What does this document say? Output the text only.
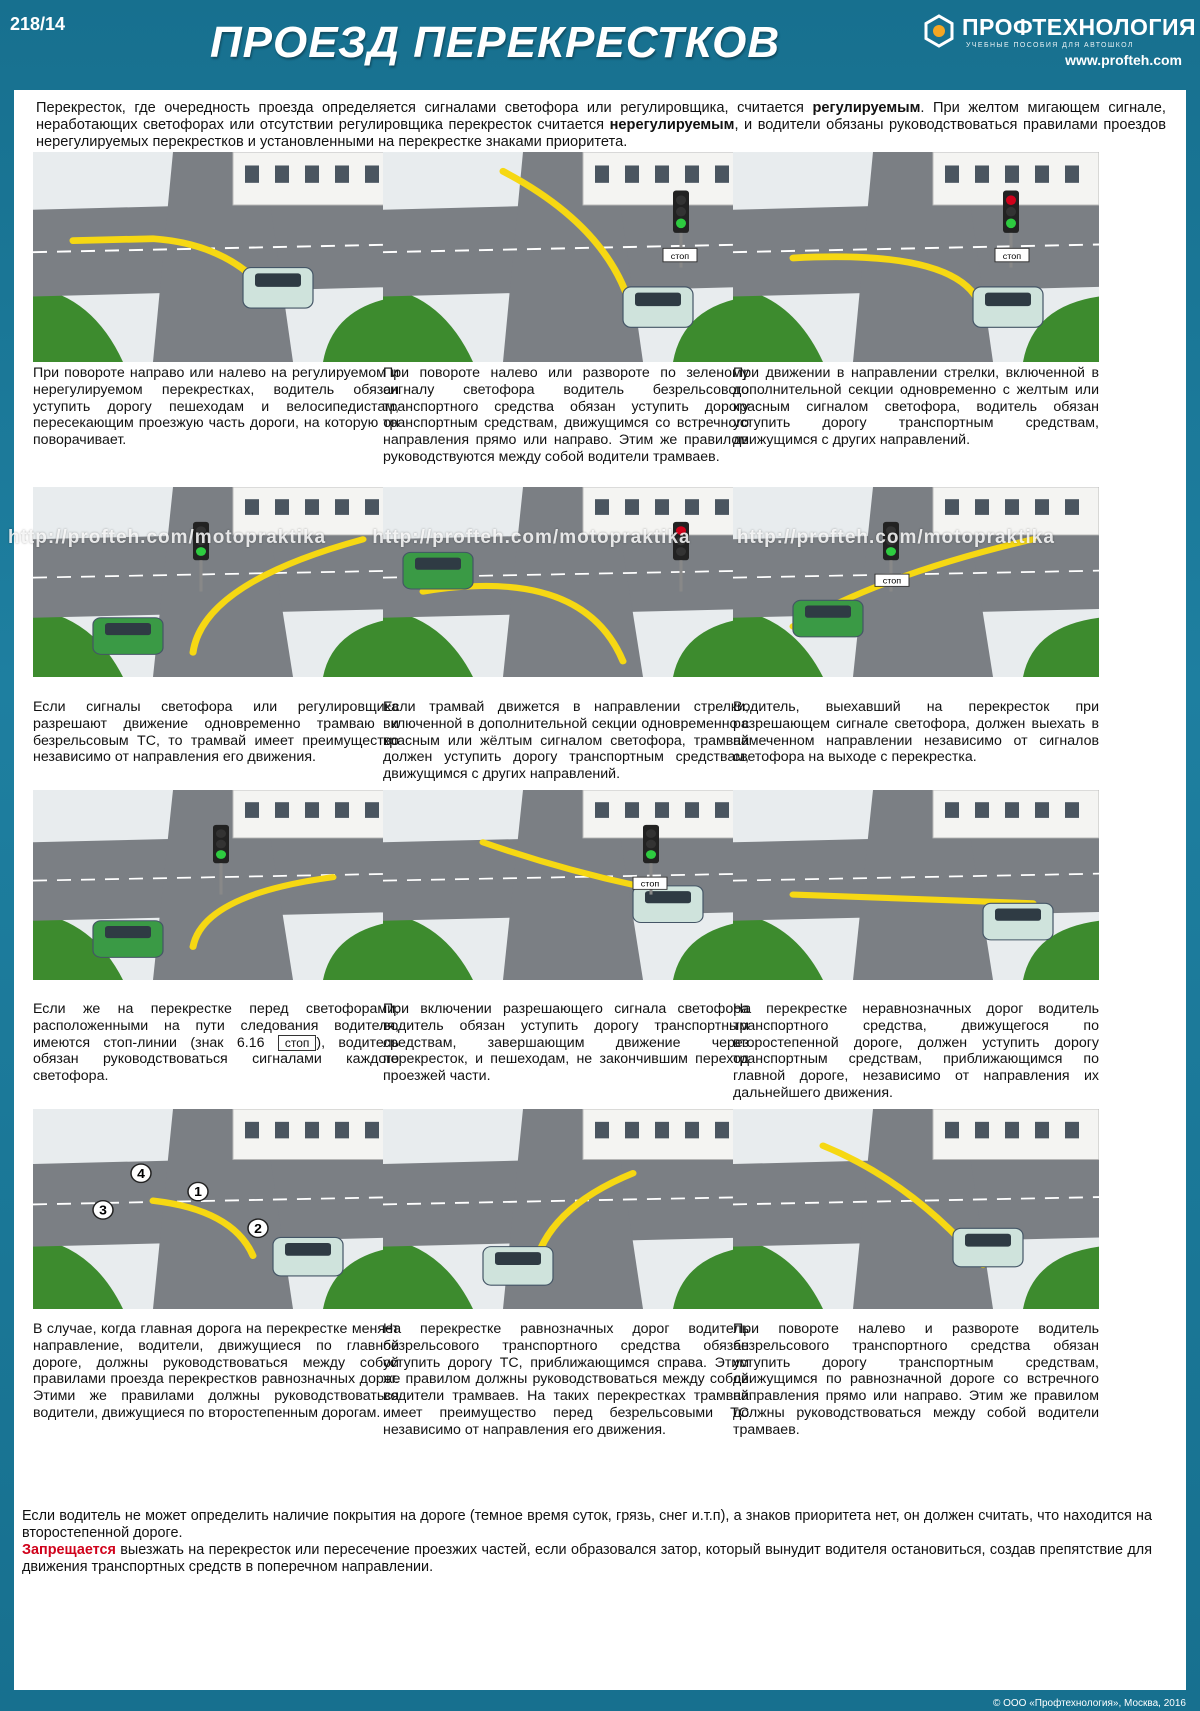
218/14	ПРОЕЗД ПЕРЕКРЕСТКОВ	ПРОФТЕХНОЛОГИЯ
УЧЕБНЫЕ ПОСОБИЯ ДЛЯ АВТОШКОЛ
www.profteh.com
Перекресток, где очередность проезда определяется сигналами светофора или регулировщика, считается регулируемым. При желтом мигающем сигнале, неработающих светофорах или отсутствии регулировщика перекресток считается нерегулируемым, и водители обязаны руководствоваться правилами проездов нерегулируемых перекрестков и установленными на перекрестке знаками приоритета.
При повороте направо или налево на регулируемом и нерегулируемом перекрестках, водитель обязан уступить дорогу пешеходам и велосипедистам, пересекающим проезжую часть дороги, на которую он поворачивает.
стоп
При повороте налево или развороте по зеленому сигналу светофора водитель безрельсового транспортного средства обязан уступить дорогу транспортным средствам, движущимся со встречного направления прямо или направо. Этим же правилом руководствуются между собой водители трамваев.
стоп
При движении в направлении стрелки, включенной в дополнительной секции одновременно с желтым или красным сигналом светофора, водитель обязан уступить дорогу транспортным средствам, движущимся с других направлений.
Если сигналы светофора или регулировщика разрешают движение одновременно трамваю и безрельсовым ТС, то трамвай имеет преимущество независимо от направления его движения.
Если трамвай движется в направлении стрелки, включенной в дополнительной секции одновременно с красным или жёлтым сигналом светофора, трамвай должен уступить дорогу транспортным средствам, движущимся с других направлений.
стоп
Водитель, выехавший на перекресток при разрешающем сигнале светофора, должен выехать в намеченном направлении независимо от сигналов светофора на выходе с перекрестка.
Если же на перекрестке перед светофорами, расположенными на пути следования водителя, имеются стоп-линии (знак 6.16 стоп ), водитель обязан руководствоваться сигналами каждого светофора.
стоп
При включении разрешающего сигнала светофора водитель обязан уступить дорогу транспортным средствам, завершающим движение через перекресток, и пешеходам, не закончившим переход проезжей части.
На перекрестке неравнозначных дорог водитель транспортного средства, движущегося по второстепенной дороге, должен уступить дорогу транспортным средствам, приближающимся по главной дороге, независимо от направления их дальнейшего движения.
1
2
3
4
В случае, когда главная дорога на перекрестке меняет направление, водители, движущиеся по главной дороге, должны руководствоваться между собой правилами проезда перекрестков равнозначных дорог. Этими же правилами должны руководствоваться водители, движущиеся по второстепенным дорогам.
На перекрестке равнозначных дорог водитель безрельсового транспортного средства обязан уступить дорогу ТС, приближающимся справа. Этим же правилом должны руководствоваться между собой водители трамваев. На таких перекрестках трамвай имеет преимущество перед безрельсовыми ТС независимо от направления его движения.
При повороте налево и развороте водитель безрельсового транспортного средства обязан уступить дорогу транспортным средствам, движущимся по равнозначной дороге со встречного направления прямо или направо. Этим же правилом должны руководствоваться между собой водители трамваев.
http://profteh.com/motopraktika http://profteh.com/motopraktika http://profteh.com/motopraktika
Если водитель не может определить наличие покрытия на дороге (темное время суток, грязь, снег и.т.п), а знаков приоритета нет, он должен считать, что находится на второстепенной дороге.
Запрещается выезжать на перекресток или пересечение проезжих частей, если образовался затор, который вынудит водителя остановиться, создав препятствие для движения транспортных средств в поперечном направлении.
© ООО «Профтехнология», Москва, 2016
